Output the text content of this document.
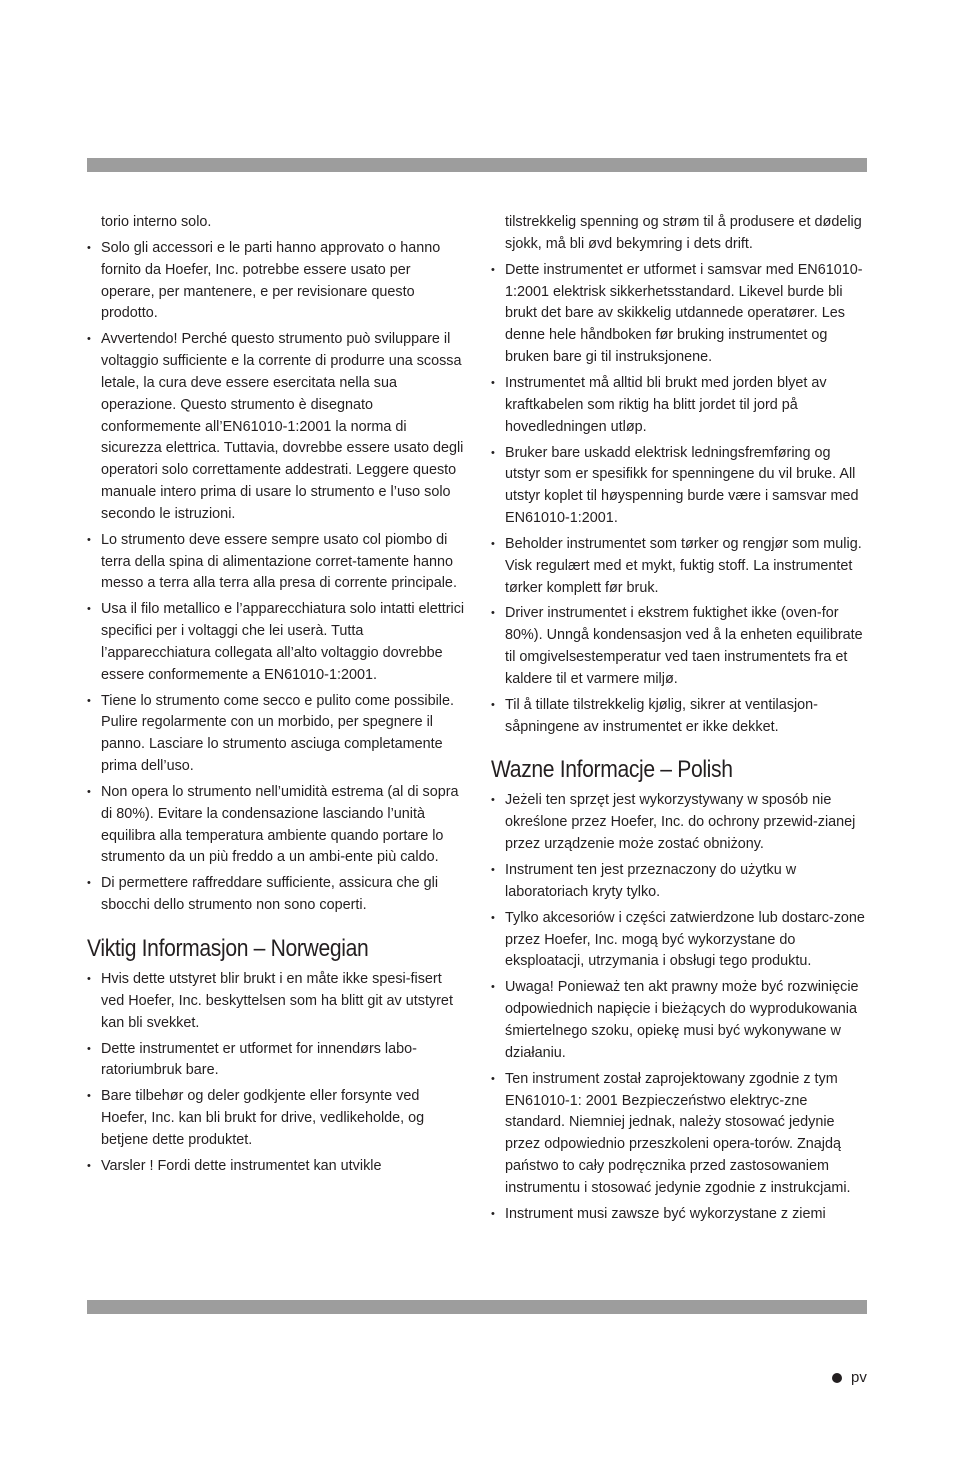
torio interno solo.
• Solo gli accessori e le parti hanno approvato o hanno fornito da Hoefer, Inc. potrebbe essere usato per operare, per mantenere, e per revisionare questo prodotto.
• Avvertendo! Perché questo strumento può sviluppare il voltaggio sufficiente e la corrente di produrre una scossa letale, la cura deve essere esercitata nella sua operazione. Questo strumento è disegnato conformemente all’EN61010-1:2001 la norma di sicurezza elettrica. Tuttavia, dovrebbe essere usato degli operatori solo correttamente addestrati. Leggere questo manuale intero prima di usare lo strumento e l’uso solo secondo le istruzioni.
• Lo strumento deve essere sempre usato col piombo di terra della spina di alimentazione corret-tamente hanno messo a terra alla terra alla presa di corrente principale.
• Usa il filo metallico e l’apparecchiatura solo intatti elettrici specifici per i voltaggi che lei userà. Tutta l’apparecchiatura collegata all’alto voltaggio dovrebbe essere conformemente a EN61010-1:2001.
• Tiene lo strumento come secco e pulito come possibile. Pulire regolarmente con un morbido, per spegnere il panno. Lasciare lo strumento asciuga completamente prima dell’uso.
• Non opera lo strumento nell’umidità estrema (al di sopra di 80%). Evitare la condensazione lasciando l’unità equilibra alla temperatura ambiente quando portare lo strumento da un più freddo a un ambi-ente più caldo.
• Di permettere raffreddare sufficiente, assicura che gli sbocchi dello strumento non sono coperti.
Viktig Informasjon – Norwegian
• Hvis dette utstyret blir brukt i en måte ikke spesi-fisert ved Hoefer, Inc. beskyttelsen som ha blitt git av utstyret kan bli svekket.
• Dette instrumentet er utformet for innendørs labo-ratoriumbruk bare.
• Bare tilbehør og deler godkjente eller forsynte ved Hoefer, Inc. kan bli brukt for drive, vedlikeholde, og betjene dette produktet.
• Varsler ! Fordi dette instrumentet kan utvikle
tilstrekkelig spenning og strøm til å produsere et dødelig sjokk, må bli øvd bekymring i dets drift.
• Dette instrumentet er utformet i samsvar med EN61010-1:2001 elektrisk sikkerhetsstandard. Likevel burde bli brukt det bare av skikkelig utdannede operatører. Les denne hele håndboken før bruking instrumentet og bruken bare gi til instruksjonene.
• Instrumentet må alltid bli brukt med jorden blyet av kraftkabelen som riktig ha blitt jordet til jord på hovedledningen utløp.
• Bruker bare uskadd elektrisk ledningsfremføring og utstyr som er spesifikk for spenningene du vil bruke. All utstyr koplet til høyspenning burde være i samsvar med EN61010-1:2001.
• Beholder instrumentet som tørker og rengjør som mulig. Visk regulært med et mykt, fuktig stoff. La instrumentet tørker komplett før bruk.
• Driver instrumentet i ekstrem fuktighet ikke (oven-for 80%). Unngå kondensasjon ved å la enheten equilibrate til omgivelsestemperatur ved taen instrumentets fra et kaldere til et varmere miljø.
• Til å tillate tilstrekkelig kjølig, sikrer at ventilasjon-såpningene av instrumentet er ikke dekket.
Wazne Informacje – Polish
• Jeżeli ten sprzęt jest wykorzystywany w sposób nie określone przez Hoefer, Inc. do ochrony przewid-zianej przez urządzenie może zostać obniżony.
• Instrument ten jest przeznaczony do użytku w laboratoriach kryty tylko.
• Tylko akcesoriów i części zatwierdzone lub dostarc-zone przez Hoefer, Inc. mogą być wykorzystane do eksploatacji, utrzymania i obsługi tego produktu.
• Uwaga! Ponieważ ten akt prawny może być rozwinięcie odpowiednich napięcie i bieżących do wyprodukowania śmiertelnego szoku, opiekę musi być wykonywane w działaniu.
• Ten instrument został zaprojektowany zgodnie z tym EN61010-1: 2001 Bezpieczeństwo elektryc-zne standard. Niemniej jednak, należy stosować jedynie przez odpowiednio przeszkoleni opera-torów. Znajdą państwo to cały podręcznika przed zastosowaniem instrumentu i stosować jedynie zgodnie z instrukcjami.
• Instrument musi zawsze być wykorzystane z ziemi
pv
